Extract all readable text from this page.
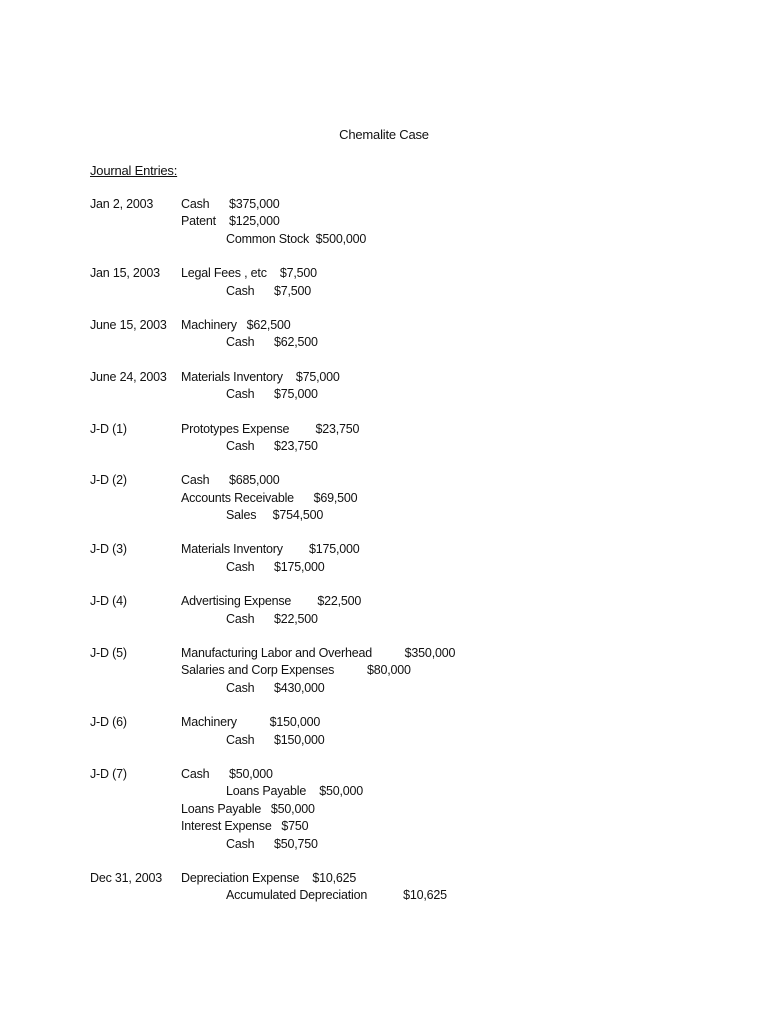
Chemalite Case
Journal Entries:
Jan 2, 2003 Cash      $375,000
Patent    $125,000
Common Stock  $500,000
Jan 15, 2003 Legal Fees , etc    $7,500
Cash      $7,500
June 15, 2003 Machinery   $62,500
Cash      $62,500
June 24, 2003 Materials Inventory    $75,000
Cash      $75,000
J-D (1)	Prototypes Expense        $23,750
Cash      $23,750
J-D (2)	Cash      $685,000
Accounts Receivable      $69,500
Sales     $754,500
J-D (3)	Materials Inventory        $175,000
Cash      $175,000
J-D (4)	Advertising Expense        $22,500
Cash      $22,500
J-D (5)	Manufacturing Labor and Overhead          $350,000
Salaries and Corp Expenses          $80,000
Cash      $430,000
J-D (6)	Machinery          $150,000
Cash      $150,000
J-D (7)	Cash      $50,000
Loans Payable    $50,000
Loans Payable   $50,000
Interest Expense   $750
Cash      $50,750
Dec 31, 2003 Depreciation Expense    $10,625
Accumulated Depreciation           $10,625
